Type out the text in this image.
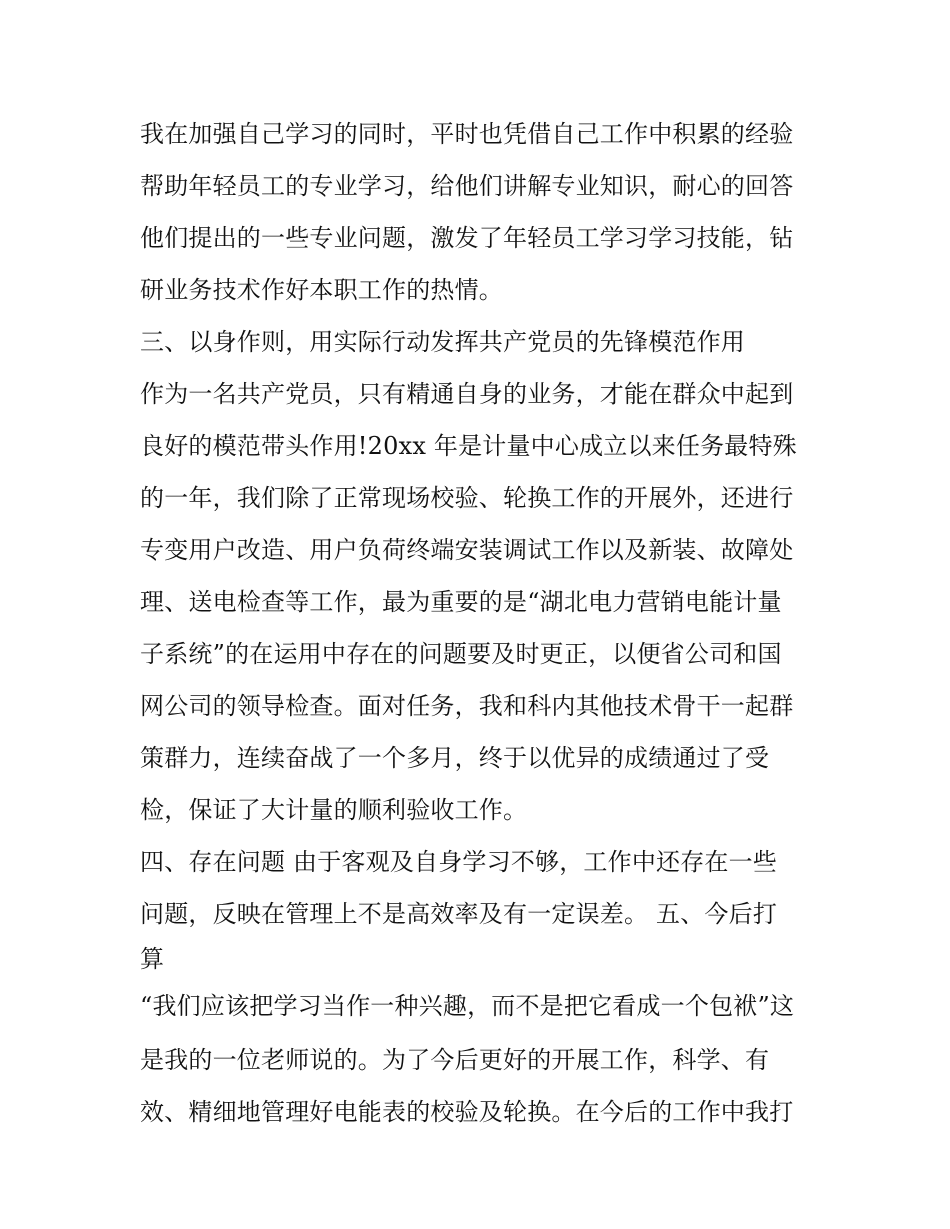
我在加强自己学习的同时，平时也凭借自己工作中积累的经验
帮助年轻员工的专业学习，给他们讲解专业知识，耐心的回答
他们提出的一些专业问题，激发了年轻员工学习学习技能，钻
研业务技术作好本职工作的热情。
三、以身作则，用实际行动发挥共产党员的先锋模范作用
作为一名共产党员，只有精通自身的业务，才能在群众中起到
良好的模范带头作用!20xx 年是计量中心成立以来任务最特殊
的一年，我们除了正常现场校验、轮换工作的开展外，还进行
专变用户改造、用户负荷终端安装调试工作以及新装、故障处
理、送电检查等工作，最为重要的是“湖北电力营销电能计量
子系统”的在运用中存在的问题要及时更正，以便省公司和国
网公司的领导检查。面对任务，我和科内其他技术骨干一起群
策群力，连续奋战了一个多月，终于以优异的成绩通过了受
检，保证了大计量的顺利验收工作。
四、存在问题 由于客观及自身学习不够，工作中还存在一些
问题，反映在管理上不是高效率及有一定误差。 五、今后打
算
“我们应该把学习当作一种兴趣，而不是把它看成一个包袱”这
是我的一位老师说的。为了今后更好的开展工作，科学、有
效、精细地管理好电能表的校验及轮换。在今后的工作中我打
